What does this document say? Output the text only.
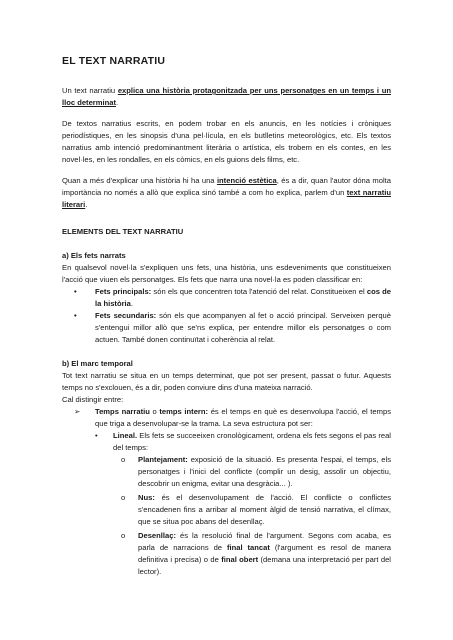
EL TEXT NARRATIU

Un text narratiu explica una història protagonitzada per uns personatges en un temps i un lloc determinat.

De textos narratius escrits, en podem trobar en els anuncis, en les notícies i cròniques periodístiques, en les sinopsis d'una pel·lícula, en els butlletins meteorològics, etc. Els textos narratius amb intenció predominantment literària o artística, els trobem en els contes, en les novel·les, en les rondalles, en els còmics, en els guions dels films, etc.

Quan a més d'explicar una història hi ha una intenció estètica, és a dir, quan l'autor dóna molta importància no només a allò que explica sinó també a com ho explica, parlem d'un text narratiu literari.

ELEMENTS DEL TEXT NARRATIU
a) Els fets narrats

En qualsevol novel·la s'expliquen uns fets, una història, uns esdeveniments que constitueixen l'acció que viuen els personatges. Els fets que narra una novel·la es poden classificar en:

• Fets principals: són els que concentren tota l'atenció del relat. Constitueixen el cos de la història.
• Fets secundaris: són els que acompanyen al fet o acció principal. Serveixen perquè s'entengui millor allò que se'ns explica, per entendre millor els personatges o com actuen. També donen continuïtat i coherència al relat.
b) El marc temporal

Tot text narratiu se situa en un temps determinat, que pot ser present, passat o futur. Aquests temps no s'exclouen, és a dir, poden conviure dins d'una mateixa narració.

Cal distingir entre:

➢ Temps narratiu o temps intern: és el temps en què es desenvolupa l'acció, el temps que triga a desenvolupar-se la trama. La seva estructura pot ser:
• Lineal. Els fets se succeeixen cronològicament, ordena els fets segons el pas real del temps:
o Plantejament: exposició de la situació. Es presenta l'espai, el temps, els personatges i l'inici del conflicte (complir un desig, assolir un objectiu, descobrir un enigma, evitar una desgràcia... ).
o Nus: és el desenvolupament de l'acció. El conflicte o conflictes s'encadenen fins a arribar al moment àlgid de tensió narrativa, el clímax, que se situa poc abans del desenllaç.
o Desenllaç: és la resolució final de l'argument. Segons com acaba, es parla de narracions de final tancat (l'argument es resol de manera definitiva i precisa) o de final obert (demana una interpretació per part del lector).
